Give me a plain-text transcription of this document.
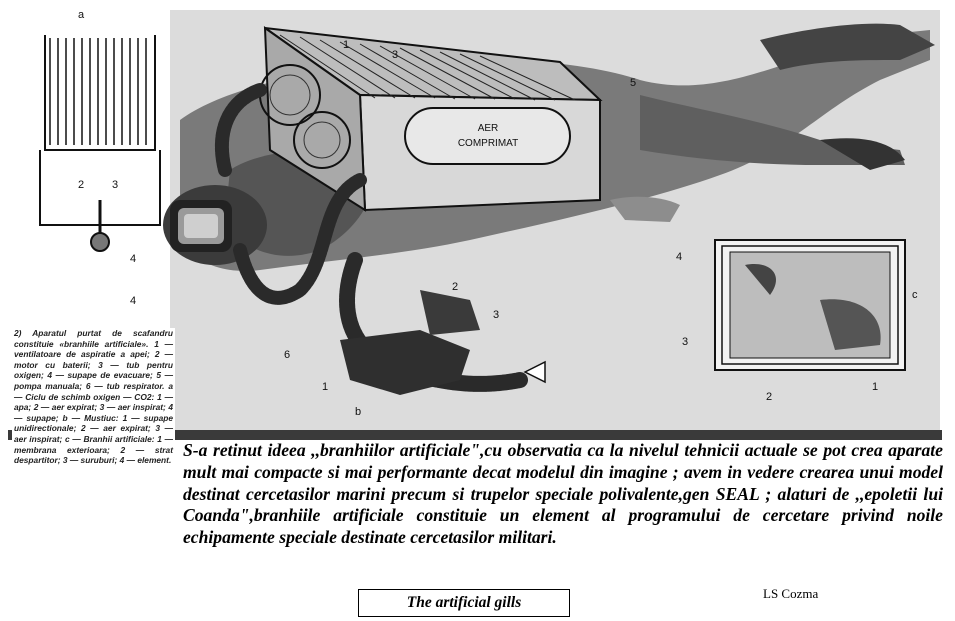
AER
COMPRIMAT
a
b
c
1
3
5
6
4
4
2	3
1
2
3
4
3
2
1

2) Aparatul purtat de scafandru constituie «branhiile artificiale». 1 — ventilatoare de aspiratie a apei; 2 — motor cu baterii; 3 — tub pentru oxigen; 4 — supape de evacuare; 5 — pompa manuala; 6 — tub respirator. a — Ciclu de schimb oxigen — CO2: 1 — apa; 2 — aer expirat; 3 — aer inspirat; 4 — supape; b — Mustiuc: 1 — supape unidirectionale; 2 — aer expirat; 3 — aer inspirat; c — Branhii artificiale: 1 — membrana exterioara; 2 — strat despartitor; 3 — suruburi; 4 — element.

S-a retinut ideea ,,branhiilor artificiale",cu observatia ca la nivelul tehnicii actuale se pot crea aparate mult mai compacte si mai performante decat modelul din imagine ; avem in vedere crearea unui model destinat cercetasilor marini precum si trupelor speciale polivalente,gen SEAL ; alaturi de ,,epoletii lui Coanda",branhiile artificiale constituie un element al programului de cercetare privind noile echipamente speciale destinate cercetasilor militari.

The artificial gills
LS Cozma
